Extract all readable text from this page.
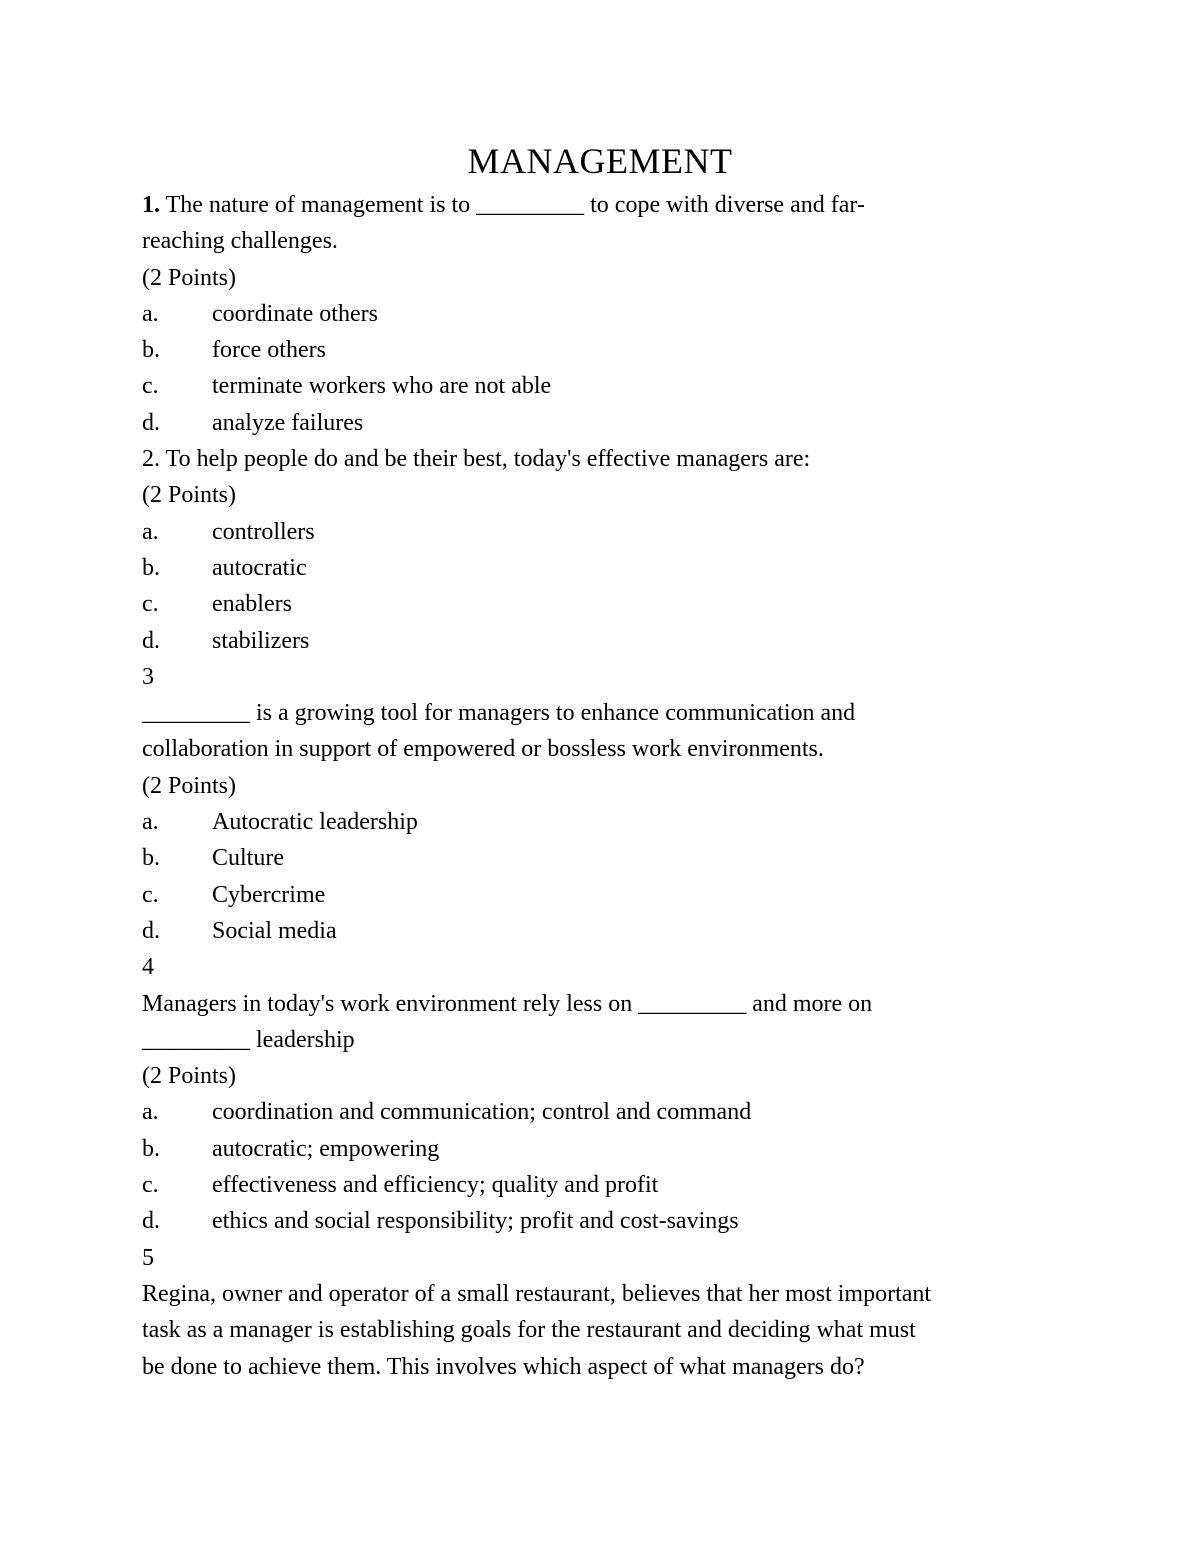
MANAGEMENT
1. The nature of management is to _________ to cope with diverse and far-
reaching challenges.
(2 Points)
a. coordinate others
b. force others
c. terminate workers who are not able
d. analyze failures
2. To help people do and be their best, today's effective managers are:
(2 Points)
a. controllers
b. autocratic
c. enablers
d. stabilizers
3
_________ is a growing tool for managers to enhance communication and
collaboration in support of empowered or bossless work environments.
(2 Points)
a. Autocratic leadership
b. Culture
c. Cybercrime
d. Social media
4
Managers in today's work environment rely less on _________ and more on
_________ leadership
(2 Points)
a. coordination and communication; control and command
b. autocratic; empowering
c. effectiveness and efficiency; quality and profit
d. ethics and social responsibility; profit and cost-savings
5
Regina, owner and operator of a small restaurant, believes that her most important
task as a manager is establishing goals for the restaurant and deciding what must
be done to achieve them. This involves which aspect of what managers do?
